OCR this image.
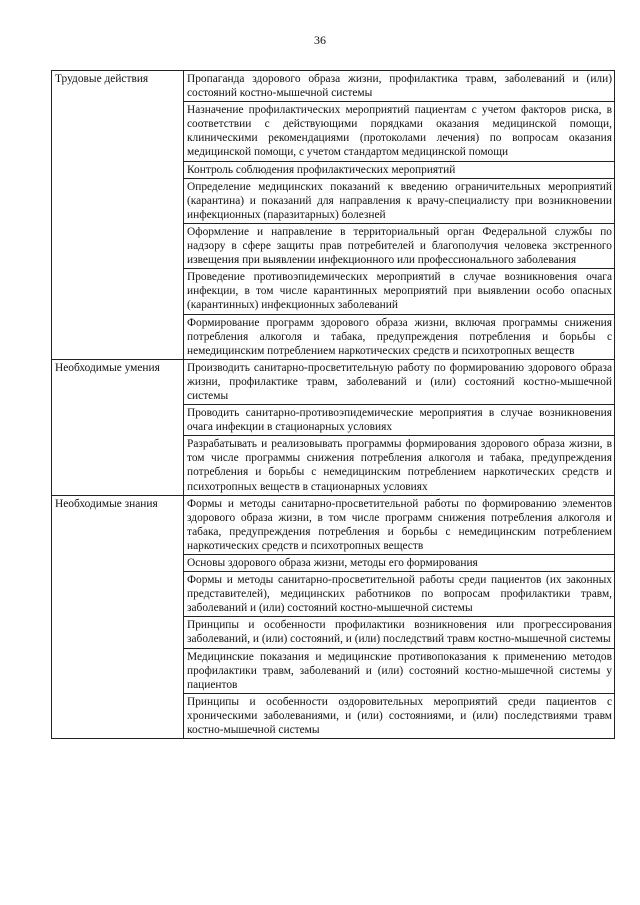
36
Трудовые действия	Пропаганда здорового образа жизни, профилактика травм, заболеваний и (или) состояний костно-мышечной системы
	Назначение профилактических мероприятий пациентам с учетом факторов риска, в соответствии с действующими порядками оказания медицинской помощи, клиническими рекомендациями (протоколами лечения) по вопросам оказания медицинской помощи, с учетом стандартом медицинской помощи
	Контроль соблюдения профилактических мероприятий
	Определение медицинских показаний к введению ограничительных мероприятий (карантина) и показаний для направления к врачу-специалисту при возникновении инфекционных (паразитарных) болезней
	Оформление и направление в территориальный орган Федеральной службы по надзору в сфере защиты прав потребителей и благополучия человека экстренного извещения при выявлении инфекционного или профессионального заболевания
	Проведение противоэпидемических мероприятий в случае возникновения очага инфекции, в том числе карантинных мероприятий при выявлении особо опасных (карантинных) инфекционных заболеваний
	Формирование программ здорового образа жизни, включая программы снижения потребления алкоголя и табака, предупреждения потребления и борьбы с немедицинским потреблением наркотических средств и психотропных веществ
Необходимые умения	Производить санитарно-просветительную работу по формированию здорового образа жизни, профилактике травм, заболеваний и (или) состояний костно-мышечной системы
	Проводить санитарно-противоэпидемические мероприятия в случае возникновения очага инфекции в стационарных условиях
	Разрабатывать и реализовывать программы формирования здорового образа жизни, в том числе программы снижения потребления алкоголя и табака, предупреждения потребления и борьбы с немедицинским потреблением наркотических средств и психотропных веществ в стационарных условиях
Необходимые знания	Формы и методы санитарно-просветительной работы по формированию элементов здорового образа жизни, в том числе программ снижения потребления алкоголя и табака, предупреждения потребления и борьбы с немедицинским потреблением наркотических средств и психотропных веществ
	Основы здорового образа жизни, методы его формирования
	Формы и методы санитарно-просветительной работы среди пациентов (их законных представителей), медицинских работников по вопросам профилактики травм, заболеваний и (или) состояний костно-мышечной системы
	Принципы и особенности профилактики возникновения или прогрессирования заболеваний, и (или) состояний, и (или) последствий травм костно-мышечной системы
	Медицинские показания и медицинские противопоказания к применению методов профилактики травм, заболеваний и (или) состояний костно-мышечной системы у пациентов
	Принципы и особенности оздоровительных мероприятий среди пациентов с хроническими заболеваниями, и (или) состояниями, и (или) последствиями травм костно-мышечной системы
